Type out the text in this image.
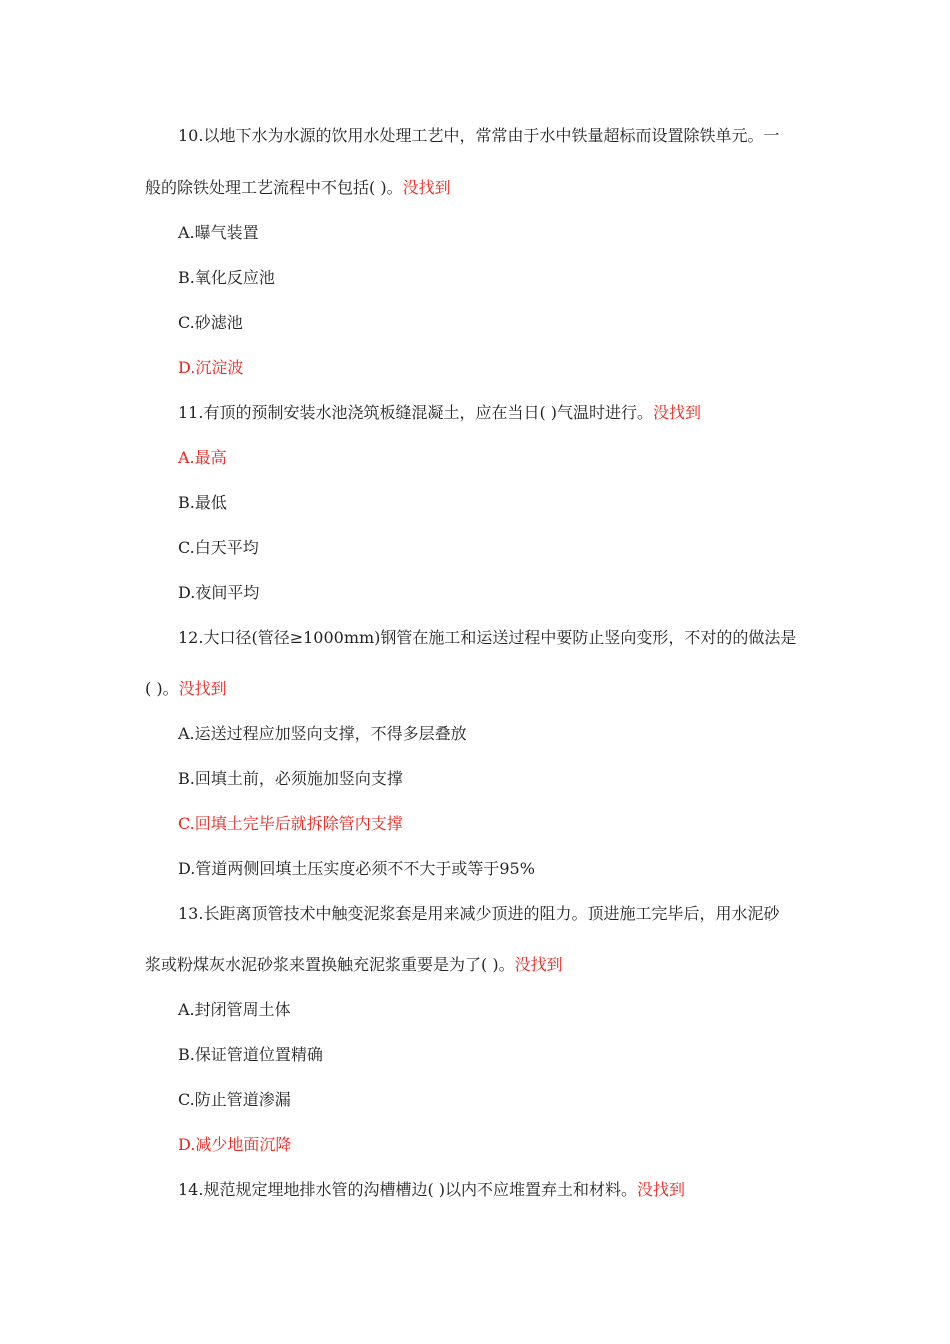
10.以地下水为水源的饮用水处理工艺中，常常由于水中铁量超标而设置除铁单元。一
般的除铁处理工艺流程中不包括( )。没找到
A.曝气装置
B.氧化反应池
C.砂滤池
D.沉淀波
11.有顶的预制安装水池浇筑板缝混凝土，应在当日( )气温时进行。没找到
A.最高
B.最低
C.白天平均
D.夜间平均
12.大口径(管径≥1000mm)钢管在施工和运送过程中要防止竖向变形，不对的的做法是
( )。没找到
A.运送过程应加竖向支撑，不得多层叠放
B.回填土前，必须施加竖向支撑
C.回填土完毕后就拆除管内支撑
D.管道两侧回填土压实度必须不不大于或等于95%
13.长距离顶管技术中触变泥浆套是用来减少顶进的阻力。顶进施工完毕后，用水泥砂
浆或粉煤灰水泥砂浆来置换触充泥浆重要是为了( )。没找到
A.封闭管周土体
B.保证管道位置精确
C.防止管道渗漏
D.减少地面沉降
14.规范规定埋地排水管的沟槽槽边( )以内不应堆置弃土和材料。没找到
